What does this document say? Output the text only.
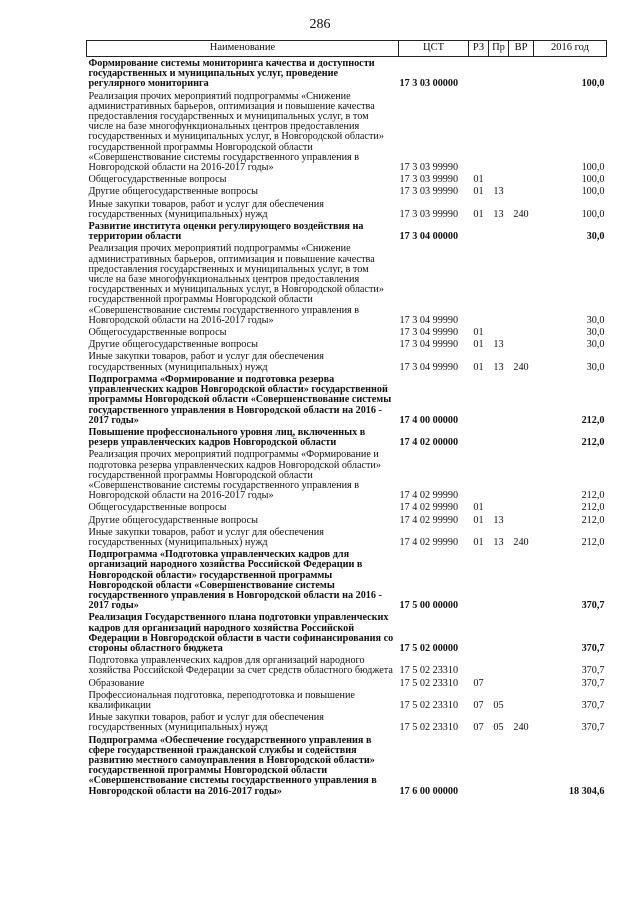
286
Наименование	ЦСТ	РЗ	Пр	ВР	2016 год
Формирование системы мониторинга качества и доступности государственных и муниципальных услуг, проведение регулярного мониторинга	17 3 03 00000				100,0
Реализация прочих мероприятий подпрограммы «Снижение административных барьеров, оптимизация и повышение качества предоставления государственных и муниципальных услуг, в том числе на базе многофункциональных центров предоставления государственных и муниципальных услуг, в Новгородской области» государственной программы Новгородской области «Совершенствование системы государственного управления в Новгородской области на 2016-2017 годы»	17 3 03 99990				100,0
Общегосударственные вопросы	17 3 03 99990	01			100,0
Другие общегосударственные вопросы	17 3 03 99990	01	13		100,0
Иные закупки товаров, работ и услуг для обеспечения государственных (муниципальных) нужд	17 3 03 99990	01	13	240	100,0
Развитие института оценки регулирующего воздействия на территории области	17 3 04 00000				30,0
Реализация прочих мероприятий подпрограммы «Снижение административных барьеров, оптимизация и повышение качества предоставления государственных и муниципальных услуг, в том числе на базе многофункциональных центров предоставления государственных и муниципальных услуг, в Новгородской области» государственной программы Новгородской области «Совершенствование системы государственного управления в Новгородской области на 2016-2017 годы»	17 3 04 99990				30,0
Общегосударственные вопросы	17 3 04 99990	01			30,0
Другие общегосударственные вопросы	17 3 04 99990	01	13		30,0
Иные закупки товаров, работ и услуг для обеспечения государственных (муниципальных) нужд	17 3 04 99990	01	13	240	30,0
Подпрограмма «Формирование и подготовка резерва управленческих кадров Новгородской области» государственной программы Новгородской области «Совершенствование системы государственного управления в Новгородской области на 2016 - 2017 годы»	17 4 00 00000				212,0
Повышение профессионального уровня лиц, включенных в резерв управленческих кадров Новгородской области	17 4 02 00000				212,0
Реализация прочих мероприятий подпрограммы «Формирование и подготовка резерва управленческих кадров Новгородской области» государственной программы Новгородской области «Совершенствование системы государственного управления в Новгородской области на 2016-2017 годы»	17 4 02 99990				212,0
Общегосударственные вопросы	17 4 02 99990	01			212,0
Другие общегосударственные вопросы	17 4 02 99990	01	13		212,0
Иные закупки товаров, работ и услуг для обеспечения государственных (муниципальных) нужд	17 4 02 99990	01	13	240	212,0
Подпрограмма «Подготовка управленческих кадров для организаций народного хозяйства Российской Федерации в Новгородской области» государственной программы Новгородской области «Совершенствование системы государственного управления в Новгородской области на 2016 - 2017 годы»	17 5 00 00000				370,7
Реализация Государственного плана подготовки управленческих кадров для организаций народного хозяйства Российской Федерации в Новгородской области в части софинансирования со стороны областного бюджета	17 5 02 00000				370,7
Подготовка управленческих кадров для организаций народного хозяйства Российской Федерации за счет средств областного бюджета	17 5 02 23310				370,7
Образование	17 5 02 23310	07			370,7
Профессиональная подготовка, переподготовка и повышение квалификации	17 5 02 23310	07	05		370,7
Иные закупки товаров, работ и услуг для обеспечения государственных (муниципальных) нужд	17 5 02 23310	07	05	240	370,7
Подпрограмма «Обеспечение государственного управления в сфере государственной гражданской службы и содействия развитию местного самоуправления в Новгородской области» государственной программы Новгородской области «Совершенствование системы государственного управления в Новгородской области на 2016-2017 годы»	17 6 00 00000				18 304,6
